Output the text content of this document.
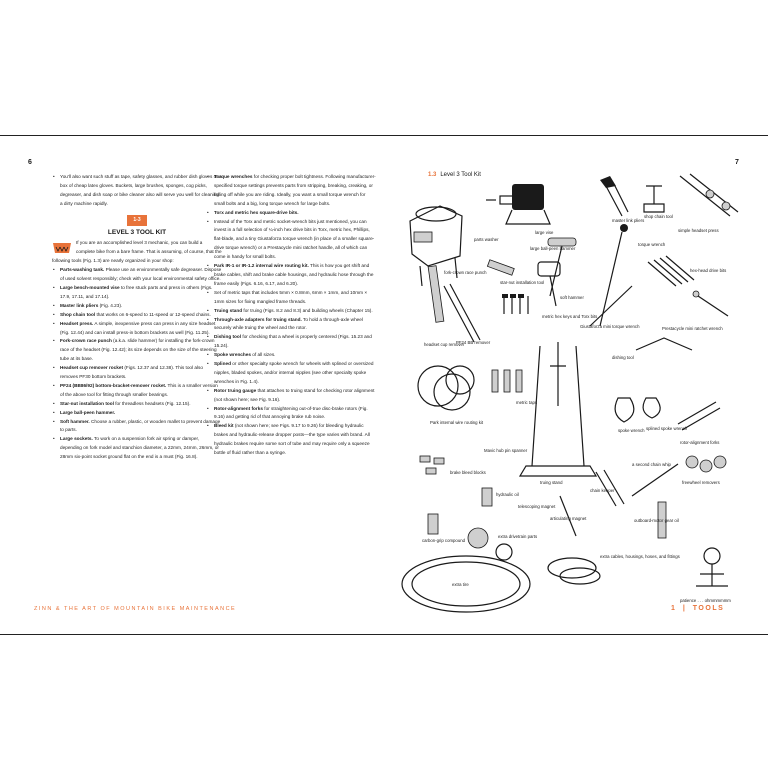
6	7

• You'll also want such stuff as tape, safety glasses, and rubber dish gloves or a box of cheap latex gloves. Buckets, large brushes, sponges, cog picks, degreaser, and dish soap or bike cleaner also will serve you well for cleaning a dirty machine rapidly.

1-3
LEVEL 3 TOOL KIT

If you are an accomplished level 3 mechanic, you can build a complete bike from a bare frame. That is assuming, of course, that the following tools (Fig. 1.3) are nearly organized in your shop:

• Parts-washing tank. Please use an environmentally safe degreaser. Dispose of used solvent responsibly; check with your local environmental safety office.

• Large bench-mounted vise to free stuck parts and press in others (Figs. 17.9, 17.11, and 17.14).

• Master link pliers (Fig. 4.23).

• Shop chain tool that works on 6-speed to 11-speed or 12-speed chains.

• Headset press. A simple, inexpensive press can press in any size headset (Fig. 12.44) and can install press-in bottom brackets as well (Fig. 11.25).

• Fork-crown race punch (a.k.a. slide hammer) for installing the fork-crown race of the headset (Fig. 12.42); its size depends on the size of the steering tube at its base.

• Headset cup remover rocket (Figs. 12.37 and 12.38). This tool also removes PF30 bottom brackets.

• PF24 (BB86/92) bottom-bracket-remover rocket. This is a smaller version of the above tool for fitting through smaller bearings.

• Star-nut installation tool for threadless headsets (Fig. 12.15).

• Large ball-peen hammer.

• Soft hammer. Choose a rubber, plastic, or wooden mallet to prevent damage to parts.

• Large sockets. To work on a suspension fork air spring or damper, depending on fork model and stanchion diameter, a 22mm, 24mm, 26mm, or 28mm six-point socket ground flat on the end is a must (Fig. 16.8).

• Torque wrenches for checking proper bolt tightness. Following manufacturer-specified torque settings prevents parts from stripping, breaking, creaking, or falling off while you are riding. Ideally, you want a small torque wrench for small bolts and a big, long torque wrench for large bolts.

• Torx and metric hex square-drive bits.

• Instead of the Torx and metric socket-wrench bits just mentioned, you can invest in a full selection of ¼-inch hex drive bits in Torx, metric hex, Phillips, flat-blade, and a tiny Giustaforza torque wrench (in place of a smaller square-drive torque wrench) or a Prestacycle mini ratchet handle, all of which can come in handy for small bolts.

• Park IR-1 or IR-1.2 internal wire routing kit. This is how you get shift and brake cables, shift and brake cable housings, and hydraulic hose through the frame easily (Figs. 6.16, 6.17, and 6.20).

• Set of metric taps that includes 5mm × 0.8mm, 6mm × 1mm, and 10mm × 1mm sizes for fixing mangled frame threads.

• Truing stand for truing (Figs. 8.2 and 8.3) and building wheels (Chapter 15).

• Through-axle adapters for truing stand. To hold a through-axle wheel securely while truing the wheel and the rotor.

• Dishing tool for checking that a wheel is properly centered (Figs. 15.23 and 15.24).

• Spoke wrenches of all sizes.

• Splined or other specialty spoke wrench for wheels with splined or oversized nipples, bladed spokes, and/or internal nipples (see other specialty spoke wrenches in Fig. 1.4).

• Rotor truing gauge that attaches to truing stand for checking rotor alignment (not shown here; see Fig. 9.16).

• Rotor-alignment forks for straightening out-of-true disc-brake rotors (Fig. 9.16) and getting rid of that annoying brake rub noise.

• Bleed kit (not shown here; see Figs. 9.17 to 9.26) for bleeding hydraulic brakes and hydraulic-release dropper posts—the type varies with brand. All hydraulic brakes require some sort of tube and may require only a squeeze bottle of fluid rather than a syringe.

1.3 Level 3 Tool Kit
parts washer
large vise
master link pliers
shop chain tool
simple headset press
large ball-peen hammer
torque wrench
fork-crown race punch
star-nut installation tool
soft hammer
hex-head drive bits
Giustaforza mini torque wrench
metric hex keys and Torx bits
Prestacycle mini ratchet wrench
headset cup remover
PF24 BB remover
dishing tool
Park internal wire routing kit
metric taps
truing stand
spoke wrench splined spoke wrench
rotor-alignment forks
Mavic hub pin spanner
brake bleed blocks
chain keeper
a second chain whip
freewheel removers
hydraulic oil
telescoping magnet
articulating magnet	outboard-motor gear oil
carbon-grip compound
extra drivetrain parts
extra cables, housings, hoses, and fittings
extra tire
patience . . . ohmmmmmm
ZINN & THE ART OF MOUNTAIN BIKE MAINTENANCE	1 | TOOLS
